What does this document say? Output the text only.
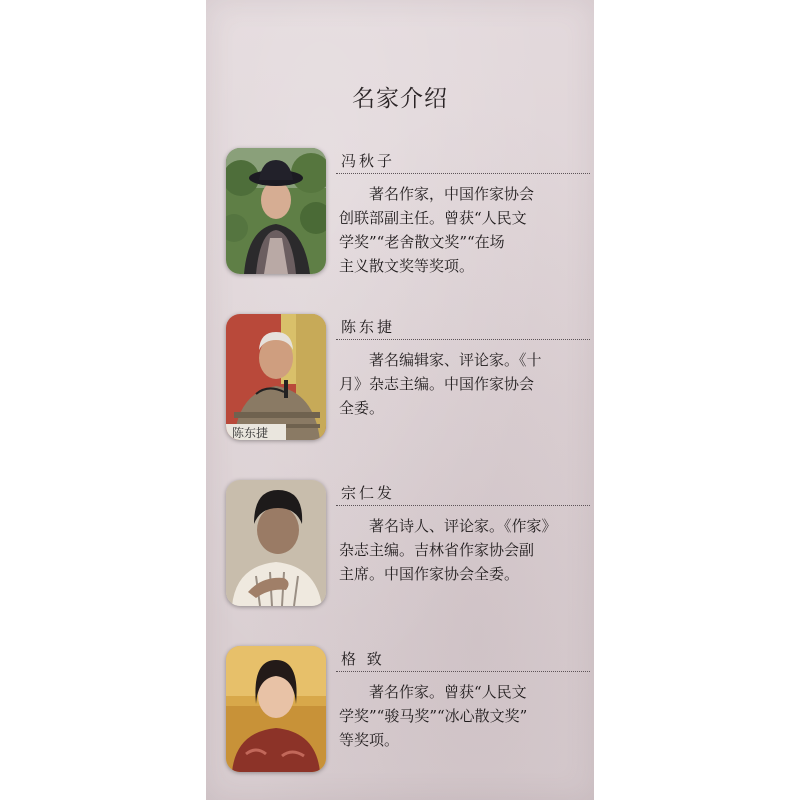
名家介绍
冯秋子
著名作家，中国作家协会
创联部副主任。曾获“人民文
学奖”“老舍散文奖”“在场
主义散文奖等奖项。
陈东捷
陈东捷
著名编辑家、评论家。《十
月》杂志主编。中国作家协会
全委。
宗仁发
著名诗人、评论家。《作家》
杂志主编。吉林省作家协会副
主席。中国作家协会全委。
格 致
著名作家。曾获“人民文
学奖”“骏马奖”“冰心散文奖”
等奖项。
